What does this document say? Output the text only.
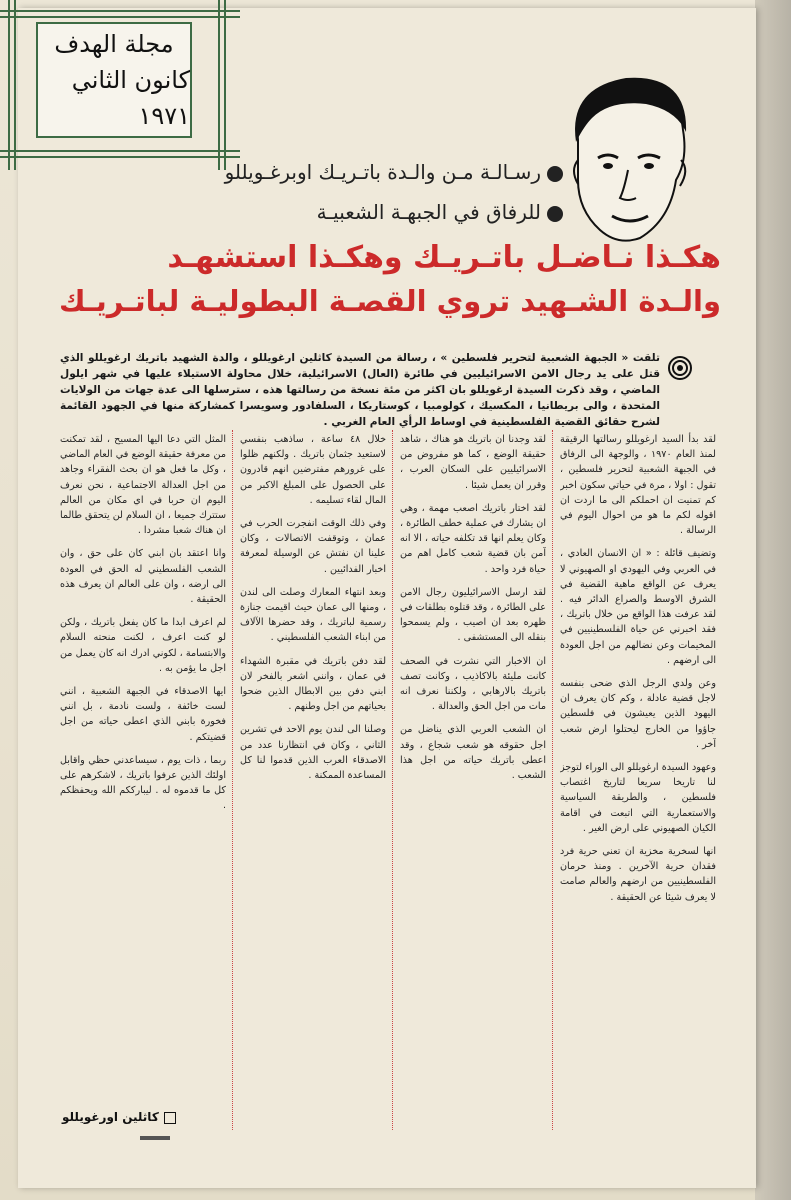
مجلة الهدف
كانون الثاني ١٩٧١
رسـالـة مـن والـدة باتـريـك اوبرغـويللو
للرفاق في الجبهـة الشعبيـة
هكـذا نـاضـل باتـريـك وهكـذا استشهـد
والـدة الشـهيد تروي القصـة البطوليـة لباتـريـك
تلقت « الجبهة الشعبية لتحرير فلسطين » ، رسالة من السيدة كاثلين ارغويللو ، والدة الشهيد باتريك ارغويللو الذي قتل على يد رجال الامن الاسرائيليين في طائرة (العال) الاسرائيلية، خلال محاولة الاستيلاء عليها في شهر ايلول الماضي ، وقد ذكرت السيدة ارغويللو بان اكثر من مئة نسخة من رسالتها هذه ، سترسلها الى عدة جهات من الولايات المتحدة ، والى بريطانيا ، المكسيك ، كولومبيا ، كوستاريكا ، السلفادور وسويسرا كمشاركة منها في الجهود القائمة لشرح حقائق القضية الفلسطينية في اوساط الرأي العام الغربي .

لقد بدأ السيد ارغويللو رسالتها الرقيقة لمنذ العام ١٩٧٠ ، والوجهة الى الرفاق في الجبهة الشعبية لتحرير فلسطين ، تقول : اولا ، مرة في حياتي سكون اخبر كم تمنيت ان احملكم الى ما اردت ان اقوله لكم ما هو من احوال اليوم في الرسالة .

وتضيف قائلة : « ان الانسان العادي ، في العربي وفي اليهودي او الصهيوني لا يعرف عن الواقع ماهية القضية في الشرق الاوسط والصراع الدائر فيه . لقد عرفت هذا الواقع من خلال باتريك ، فقد اخبرني عن حياة الفلسطينيين في المخيمات وعن نضالهم من اجل العودة الى ارضهم .

وعن ولدي الرجل الذي ضحى بنفسه لاجل قضية عادلة ، وكم كان يعرف ان اليهود الذين يعيشون في فلسطين جاؤوا من الخارج ليحتلوا ارض شعب آخر .

وعهود السيدة ارغويللو الى الوراء لتوجز لنا تاريخا سريعا لتاريخ اغتصاب فلسطين ، والطريقة السياسية والاستعمارية التي اتبعت في اقامة الكيان الصهيوني على ارض الغير .

انها لسخرية مخزية ان تعني حرية فرد فقدان حرية الآخرين . ومنذ حرمان الفلسطينيين من ارضهم والعالم صامت لا يعرف شيئا عن الحقيقة .

لقد وجدنا ان باتريك هو هناك ، شاهد حقيقة الوضع ، كما هو مفروض من الاسرائيليين على السكان العرب ، وقرر ان يعمل شيئا .

لقد اختار باتريك اصعب مهمة ، وهي ان يشارك في عملية خطف الطائرة ، وكان يعلم انها قد تكلفه حياته ، الا انه آمن بان قضية شعب كامل اهم من حياة فرد واحد .

لقد ارسل الاسرائيليون رجال الامن على الطائرة ، وقد قتلوه بطلقات في ظهره بعد ان اصيب ، ولم يسمحوا بنقله الى المستشفى .

ان الاخبار التي نشرت في الصحف كانت مليئة بالاكاذيب ، وكانت تصف باتريك بالارهابي ، ولكننا نعرف انه مات من اجل الحق والعدالة .

ان الشعب العربي الذي يناضل من اجل حقوقه هو شعب شجاع ، وقد اعطى باتريك حياته من اجل هذا الشعب .

خلال ٤٨ ساعة ، ساذهب بنفسي لاستعيد جثمان باتريك . ولكنهم ظلوا على غرورهم مفترضين انهم قادرون على الحصول على المبلغ الاكبر من المال لقاء تسليمه .

وفي ذلك الوقت انفجرت الحرب في عمان ، وتوقفت الاتصالات ، وكان علينا ان نفتش عن الوسيلة لمعرفة اخبار الفدائيين .

وبعد انتهاء المعارك وصلت الى لندن ، ومنها الى عمان حيث اقيمت جنازة رسمية لباتريك ، وقد حضرها الآلاف من ابناء الشعب الفلسطيني .

لقد دفن باتريك في مقبرة الشهداء في عمان ، وانني اشعر بالفخر لان ابني دفن بين الابطال الذين ضحوا بحياتهم من اجل وطنهم .

وصلنا الى لندن يوم الاحد في تشرين الثاني ، وكان في انتظارنا عدد من الاصدقاء العرب الذين قدموا لنا كل المساعدة الممكنة .

المثل التي دعا اليها المسيح ، لقد تمكنت من معرفة حقيقة الوضع في العام الماضي ، وكل ما فعل هو ان بحث الفقراء وجاهد من اجل العدالة الاجتماعية ، نحن نعرف اليوم ان حربا في اي مكان من العالم ستترك جميعا ، ان السلام لن يتحقق طالما ان هناك شعبا مشردا .

وانا اعتقد بان ابني كان على حق ، وان الشعب الفلسطيني له الحق في العودة الى ارضه ، وان على العالم ان يعرف هذه الحقيقة .

لم اعرف ابدا ما كان يفعل باتريك ، ولكن لو كنت اعرف ، لكنت منحته السلام والابتسامة ، لكوني ادرك انه كان يعمل من اجل ما يؤمن به .

ايها الاصدقاء في الجبهة الشعبية ، انني لست خائفة ، ولست نادمة ، بل انني فخورة بابني الذي اعطى حياته من اجل قضيتكم .

ربما ، ذات يوم ، سيساعدني حظي واقابل اولئك الذين عرفوا باتريك ، لاشكرهم على كل ما قدموه له . ليبارككم الله ويحفظكم .

كاثلين اورغويللو
